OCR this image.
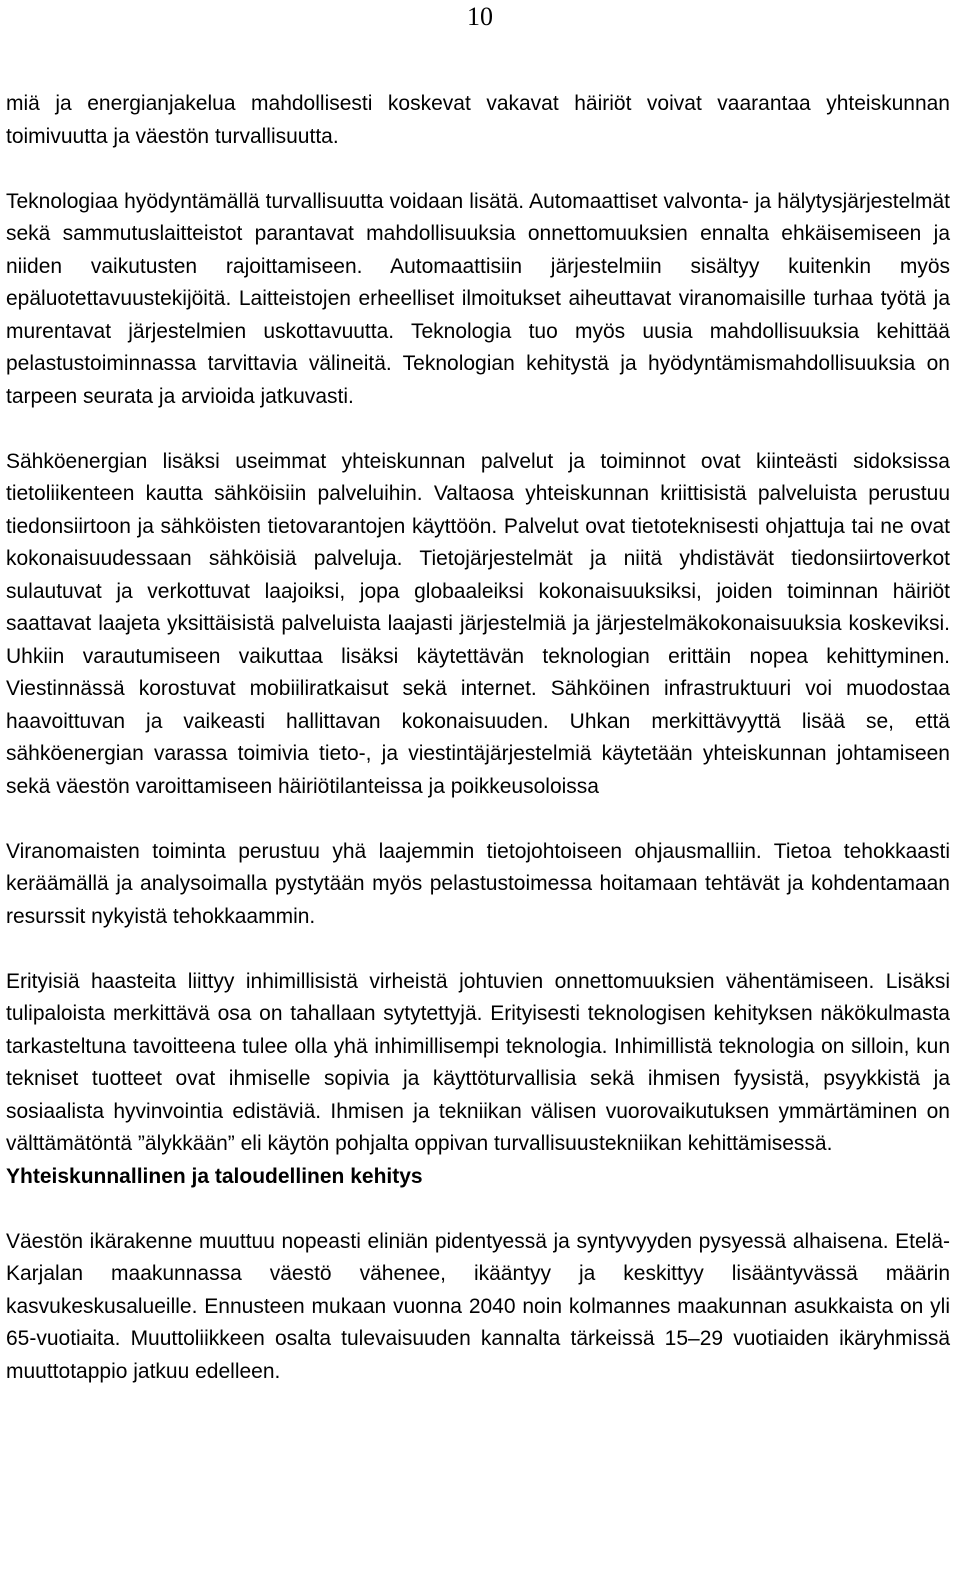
10

miä ja energianjakelua mahdollisesti koskevat vakavat häiriöt voivat vaarantaa yhteiskunnan toimivuutta ja väestön turvallisuutta.

Teknologiaa hyödyntämällä turvallisuutta voidaan lisätä. Automaattiset valvonta- ja hälytysjärjestelmät sekä sammutuslaitteistot parantavat mahdollisuuksia onnettomuuksien ennalta ehkäisemiseen ja niiden vaikutusten rajoittamiseen. Automaattisiin järjestelmiin sisältyy kuitenkin myös epäluotettavuustekijöitä. Laitteistojen erheelliset ilmoitukset aiheuttavat viranomaisille turhaa työtä ja murentavat järjestelmien uskottavuutta. Teknologia tuo myös uusia mahdollisuuksia kehittää pelastustoiminnassa tarvittavia välineitä. Teknologian kehitystä ja hyödyntämismahdollisuuksia on tarpeen seurata ja arvioida jatkuvasti.

Sähköenergian lisäksi useimmat yhteiskunnan palvelut ja toiminnot ovat kiinteästi sidoksissa tietoliikenteen kautta sähköisiin palveluihin. Valtaosa yhteiskunnan kriittisistä palveluista perustuu tiedonsiirtoon ja sähköisten tietovarantojen käyttöön. Palvelut ovat tietoteknisesti ohjattuja tai ne ovat kokonaisuudessaan sähköisiä palveluja. Tietojärjestelmät ja niitä yhdistävät tiedonsiirtoverkot sulautuvat ja verkottuvat laajoiksi, jopa globaaleiksi kokonaisuuksiksi, joiden toiminnan häiriöt saattavat laajeta yksittäisistä palveluista laajasti järjestelmiä ja järjestelmäkokonaisuuksia koskeviksi. Uhkiin varautumiseen vaikuttaa lisäksi käytettävän teknologian erittäin nopea kehittyminen. Viestinnässä korostuvat mobiiliratkaisut sekä internet. Sähköinen infrastruktuuri voi muodostaa haavoittuvan ja vaikeasti hallittavan kokonaisuuden. Uhkan merkittävyyttä lisää se, että sähköenergian varassa toimivia tieto-, ja viestintäjärjestelmiä käytetään yhteiskunnan johtamiseen sekä väestön varoittamiseen häiriötilanteissa ja poikkeusoloissa

Viranomaisten toiminta perustuu yhä laajemmin tietojohtoiseen ohjausmalliin. Tietoa tehokkaasti keräämällä ja analysoimalla pystytään myös pelastustoimessa hoitamaan tehtävät ja kohdentamaan resurssit nykyistä tehokkaammin.

Erityisiä haasteita liittyy inhimillisistä virheistä johtuvien onnettomuuksien vähentämiseen. Lisäksi tulipaloista merkittävä osa on tahallaan sytytettyjä. Erityisesti teknologisen kehityksen näkökulmasta tarkasteltuna tavoitteena tulee olla yhä inhimillisempi teknologia. Inhimillistä teknologia on silloin, kun tekniset tuotteet ovat ihmiselle sopivia ja käyttöturvallisia sekä ihmisen fyysistä, psyykkistä ja sosiaalista hyvinvointia edistäviä. Ihmisen ja tekniikan välisen vuorovaikutuksen ymmärtäminen on välttämätöntä ”älykkään” eli käytön pohjalta oppivan turvallisuustekniikan kehittämisessä.

Yhteiskunnallinen ja taloudellinen kehitys

Väestön ikärakenne muuttuu nopeasti eliniän pidentyessä ja syntyvyyden pysyessä alhaisena. Etelä-Karjalan maakunnassa väestö vähenee, ikääntyy ja keskittyy lisääntyvässä määrin kasvukeskusalueille. Ennusteen mukaan vuonna 2040 noin kolmannes maakunnan asukkaista on yli 65-vuotiaita. Muuttoliikkeen osalta tulevaisuuden kannalta tärkeissä 15–29 vuotiaiden ikäryhmissä muuttotappio jatkuu edelleen.
